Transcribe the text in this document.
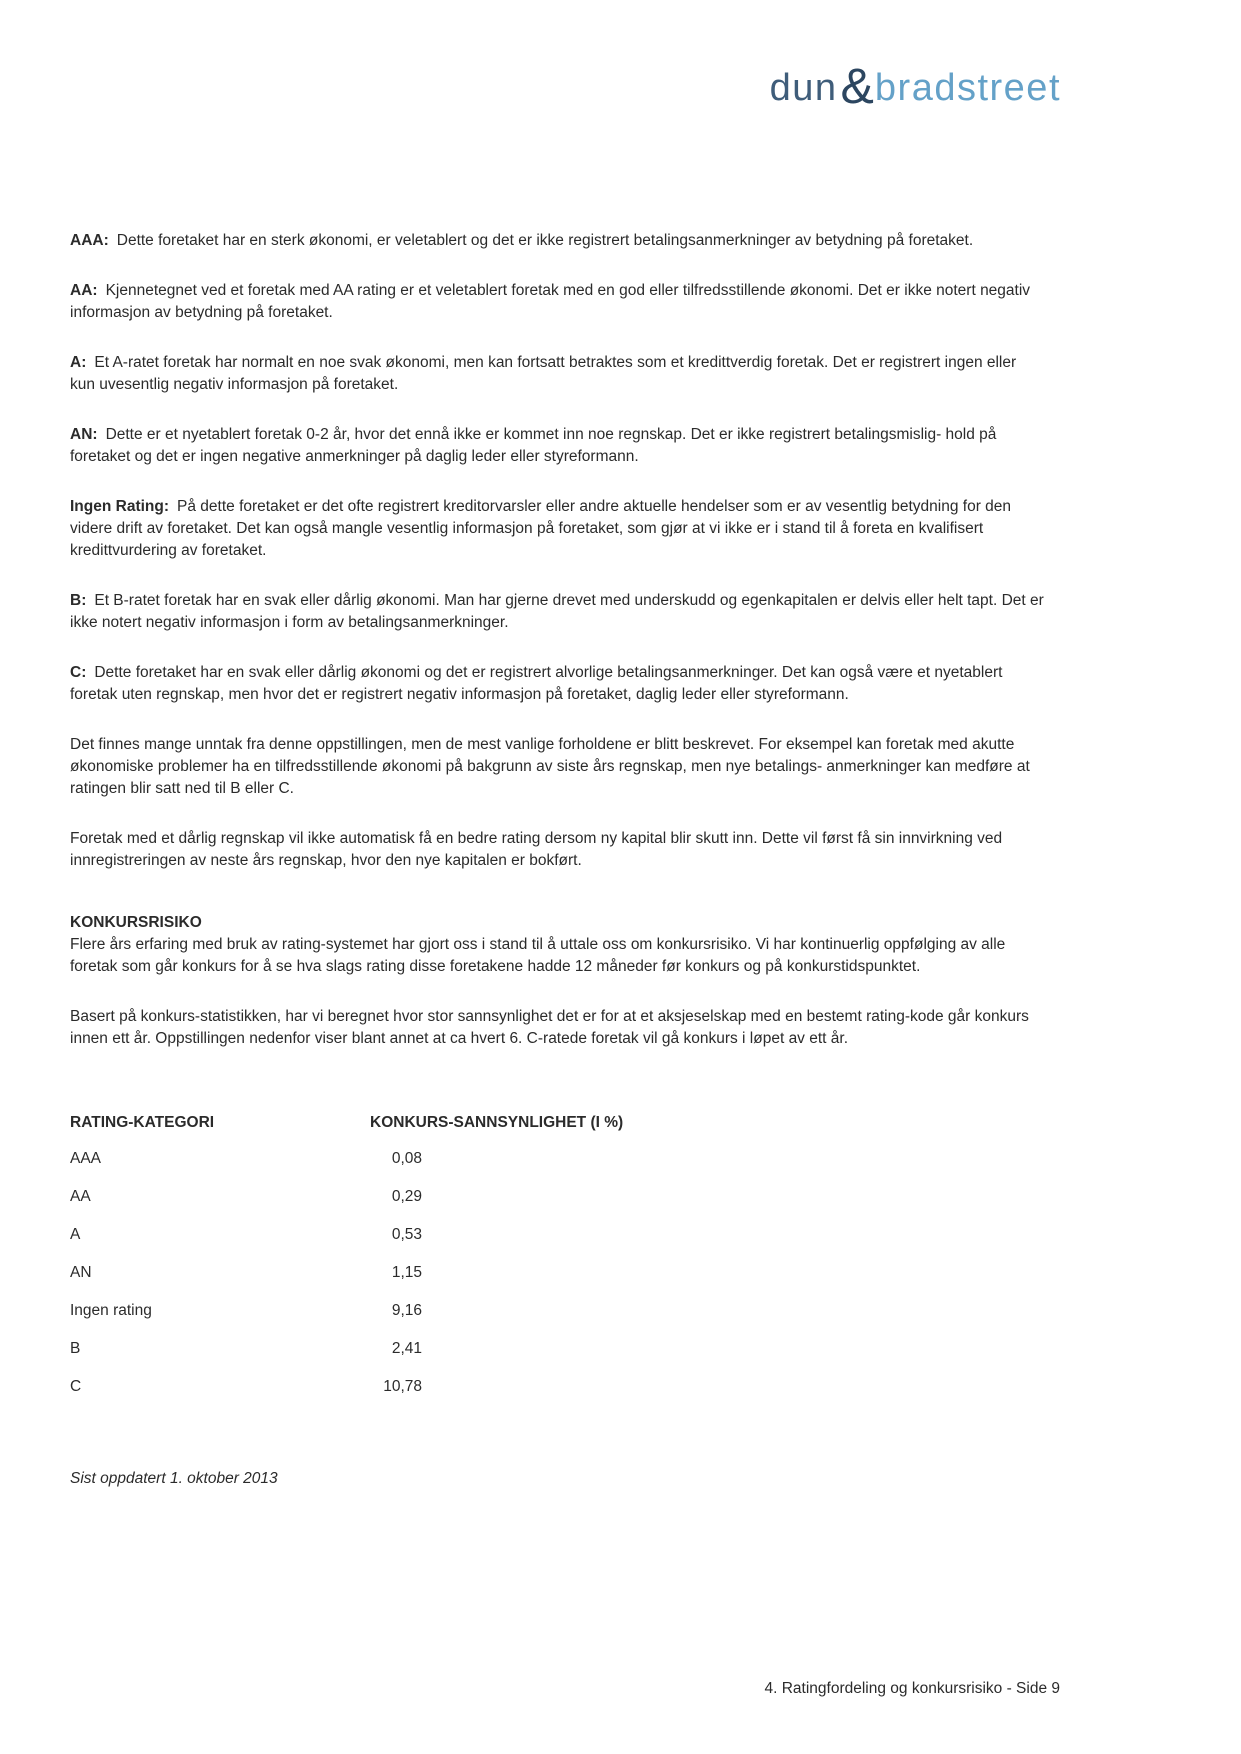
dun & bradstreet

AAA: Dette foretaket har en sterk økonomi, er veletablert og det er ikke registrert betalingsanmerkninger av betydning på foretaket.

AA: Kjennetegnet ved et foretak med AA rating er et veletablert foretak med en god eller tilfredsstillende økonomi. Det er ikke notert negativ informasjon av betydning på foretaket.

A: Et A-ratet foretak har normalt en noe svak økonomi, men kan fortsatt betraktes som et kredittverdig foretak. Det er registrert ingen eller kun uvesentlig negativ informasjon på foretaket.

AN: Dette er et nyetablert foretak 0-2 år, hvor det ennå ikke er kommet inn noe regnskap. Det er ikke registrert betalingsmislig- hold på foretaket og det er ingen negative anmerkninger på daglig leder eller styreformann.

Ingen Rating: På dette foretaket er det ofte registrert kreditorvarsler eller andre aktuelle hendelser som er av vesentlig betydning for den videre drift av foretaket. Det kan også mangle vesentlig informasjon på foretaket, som gjør at vi ikke er i stand til å foreta en kvalifisert kredittvurdering av foretaket.

B: Et B-ratet foretak har en svak eller dårlig økonomi. Man har gjerne drevet med underskudd og egenkapitalen er delvis eller helt tapt. Det er ikke notert negativ informasjon i form av betalingsanmerkninger.

C: Dette foretaket har en svak eller dårlig økonomi og det er registrert alvorlige betalingsanmerkninger. Det kan også være et nyetablert foretak uten regnskap, men hvor det er registrert negativ informasjon på foretaket, daglig leder eller styreformann.

Det finnes mange unntak fra denne oppstillingen, men de mest vanlige forholdene er blitt beskrevet. For eksempel kan foretak med akutte økonomiske problemer ha en tilfredsstillende økonomi på bakgrunn av siste års regnskap, men nye betalings- anmerkninger kan medføre at ratingen blir satt ned til B eller C.

Foretak med et dårlig regnskap vil ikke automatisk få en bedre rating dersom ny kapital blir skutt inn. Dette vil først få sin innvirkning ved innregistreringen av neste års regnskap, hvor den nye kapitalen er bokført.

KONKURSRISIKO
Flere års erfaring med bruk av rating-systemet har gjort oss i stand til å uttale oss om konkursrisiko. Vi har kontinuerlig oppfølging av alle foretak som går konkurs for å se hva slags rating disse foretakene hadde 12 måneder før konkurs og på konkurstidspunktet.

Basert på konkurs-statistikken, har vi beregnet hvor stor sannsynlighet det er for at et aksjeselskap med en bestemt rating-kode går konkurs innen ett år. Oppstillingen nedenfor viser blant annet at ca hvert 6. C-ratede foretak vil gå konkurs i løpet av ett år.

RATING-KATEGORI	KONKURS-SANNSYNLIGHET (I %)
AAA	0,08
AA	0,29
A	0,53
AN	1,15
Ingen rating	9,16
B	2,41
C	10,78
Sist oppdatert 1. oktober 2013
4. Ratingfordeling og konkursrisiko - Side 9
